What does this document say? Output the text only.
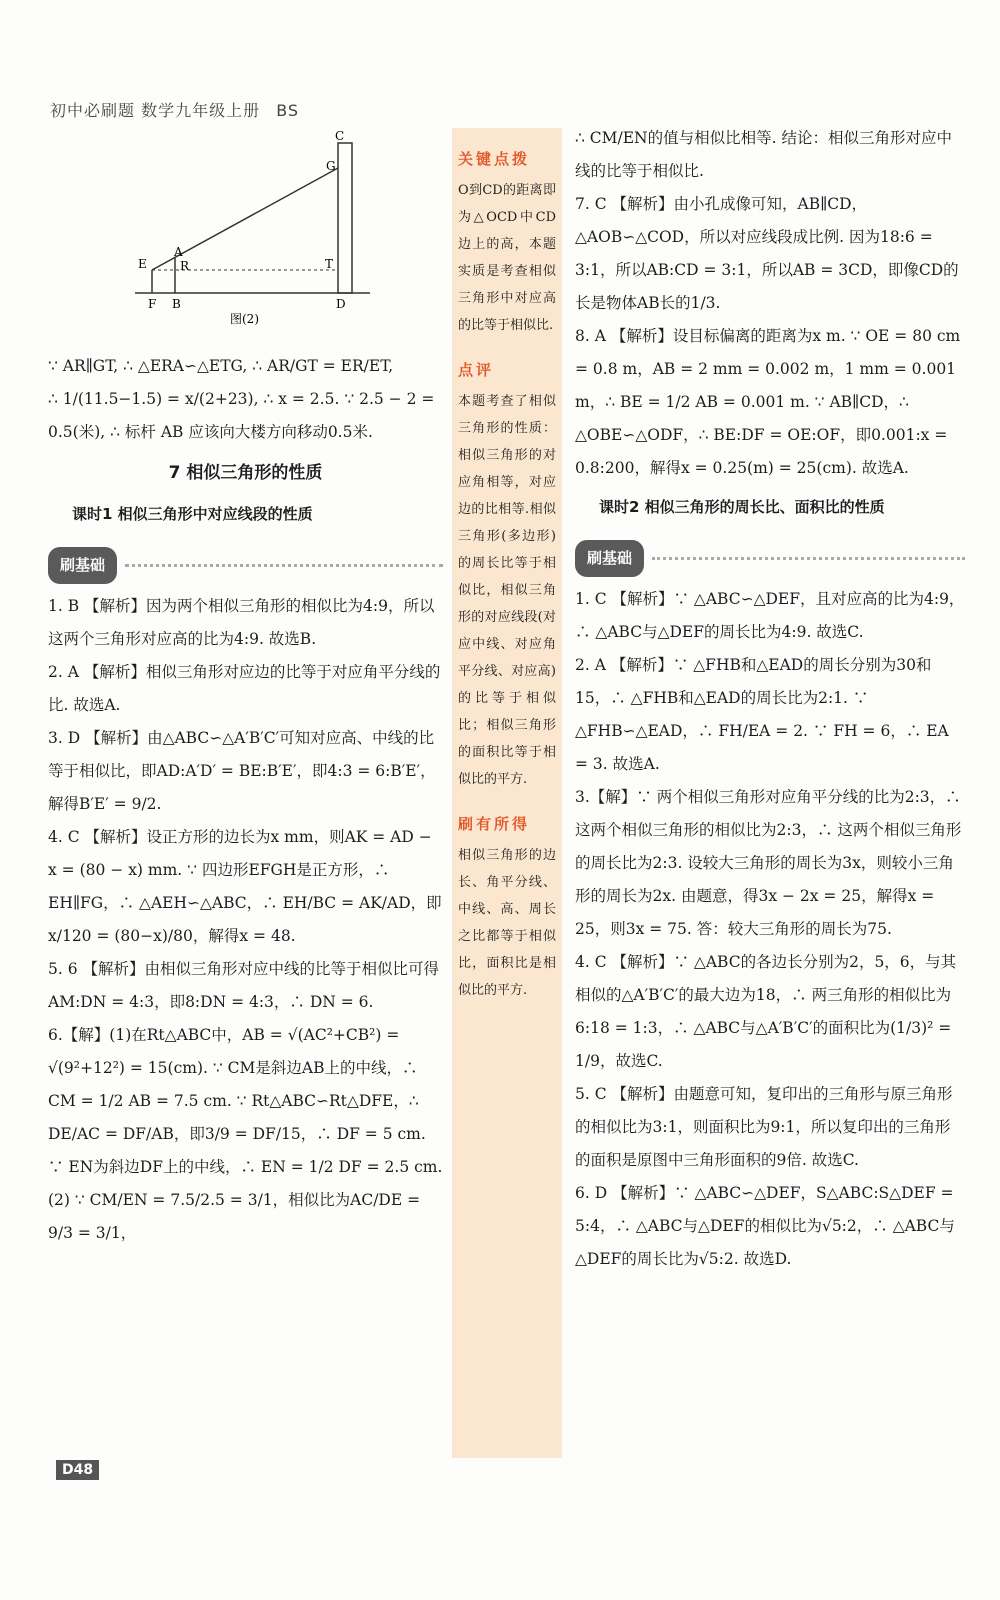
初中必刷题 数学九年级上册 BS
C
G
E
A
R	T
F B	D
图(2)

∵ AR∥GT, ∴ △ERA∽△ETG, ∴ AR/GT = ER/ET,

∴ 1/(11.5−1.5) = x/(2+23), ∴ x = 2.5. ∵ 2.5 − 2 = 0.5(米), ∴ 标杆 AB 应该向大楼方向移动0.5米.

7 相似三角形的性质
课时1 相似三角形中对应线段的性质
刷基础

1. B 【解析】因为两个相似三角形的相似比为4:9，所以这两个三角形对应高的比为4:9. 故选B.

2. A 【解析】相似三角形对应边的比等于对应角平分线的比. 故选A.

3. D 【解析】由△ABC∽△A′B′C′可知对应高、中线的比等于相似比，即AD:A′D′ = BE:B′E′，即4:3 = 6:B′E′，解得B′E′ = 9/2.

4. C 【解析】设正方形的边长为x mm，则AK = AD − x = (80 − x) mm. ∵ 四边形EFGH是正方形，∴ EH∥FG，∴ △AEH∽△ABC，∴ EH/BC = AK/AD，即x/120 = (80−x)/80，解得x = 48.

5. 6 【解析】由相似三角形对应中线的比等于相似比可得AM:DN = 4:3，即8:DN = 4:3，∴ DN = 6.

6.【解】(1)在Rt△ABC中，AB = √(AC²+CB²) = √(9²+12²) = 15(cm). ∵ CM是斜边AB上的中线，∴ CM = 1/2 AB = 7.5 cm. ∵ Rt△ABC∽Rt△DFE，∴ DE/AC = DF/AB，即3/9 = DF/15，∴ DF = 5 cm. ∵ EN为斜边DF上的中线，∴ EN = 1/2 DF = 2.5 cm.

(2) ∵ CM/EN = 7.5/2.5 = 3/1，相似比为AC/DE = 9/3 = 3/1，

关键点拨

O到CD的距离即为△OCD中CD边上的高，本题实质是考查相似三角形中对应高的比等于相似比.

点评

本题考查了相似三角形的性质：相似三角形的对应角相等，对应边的比相等.相似三角形(多边形)的周长比等于相似比，相似三角形的对应线段(对应中线、对应角平分线、对应高)的比等于相似比；相似三角形的面积比等于相似比的平方.

刷有所得

相似三角形的边长、角平分线、中线、高、周长之比都等于相似比，面积比是相似比的平方.

∴ CM/EN的值与相似比相等. 结论：相似三角形对应中线的比等于相似比.

7. C 【解析】由小孔成像可知，AB∥CD，△AOB∽△COD，所以对应线段成比例. 因为18:6 = 3:1，所以AB:CD = 3:1，所以AB = 3CD，即像CD的长是物体AB长的1/3.

8. A 【解析】设目标偏离的距离为x m. ∵ OE = 80 cm = 0.8 m，AB = 2 mm = 0.002 m，1 mm = 0.001 m，∴ BE = 1/2 AB = 0.001 m. ∵ AB∥CD，∴ △OBE∽△ODF，∴ BE:DF = OE:OF，即0.001:x = 0.8:200，解得x = 0.25(m) = 25(cm). 故选A.

课时2 相似三角形的周长比、面积比的性质
刷基础

1. C 【解析】∵ △ABC∽△DEF，且对应高的比为4:9，∴ △ABC与△DEF的周长比为4:9. 故选C.

2. A 【解析】∵ △FHB和△EAD的周长分别为30和15，∴ △FHB和△EAD的周长比为2:1. ∵ △FHB∽△EAD，∴ FH/EA = 2. ∵ FH = 6，∴ EA = 3. 故选A.

3.【解】∵ 两个相似三角形对应角平分线的比为2:3，∴ 这两个相似三角形的相似比为2:3，∴ 这两个相似三角形的周长比为2:3. 设较大三角形的周长为3x，则较小三角形的周长为2x. 由题意，得3x − 2x = 25，解得x = 25，则3x = 75. 答：较大三角形的周长为75.

4. C 【解析】∵ △ABC的各边长分别为2，5，6，与其相似的△A′B′C′的最大边为18，∴ 两三角形的相似比为6:18 = 1:3，∴ △ABC与△A′B′C′的面积比为(1/3)² = 1/9，故选C.

5. C 【解析】由题意可知，复印出的三角形与原三角形的相似比为3:1，则面积比为9:1，所以复印出的三角形的面积是原图中三角形面积的9倍. 故选C.

6. D 【解析】∵ △ABC∽△DEF，S△ABC:S△DEF = 5:4，∴ △ABC与△DEF的相似比为√5:2，∴ △ABC与△DEF的周长比为√5:2. 故选D.

D48
